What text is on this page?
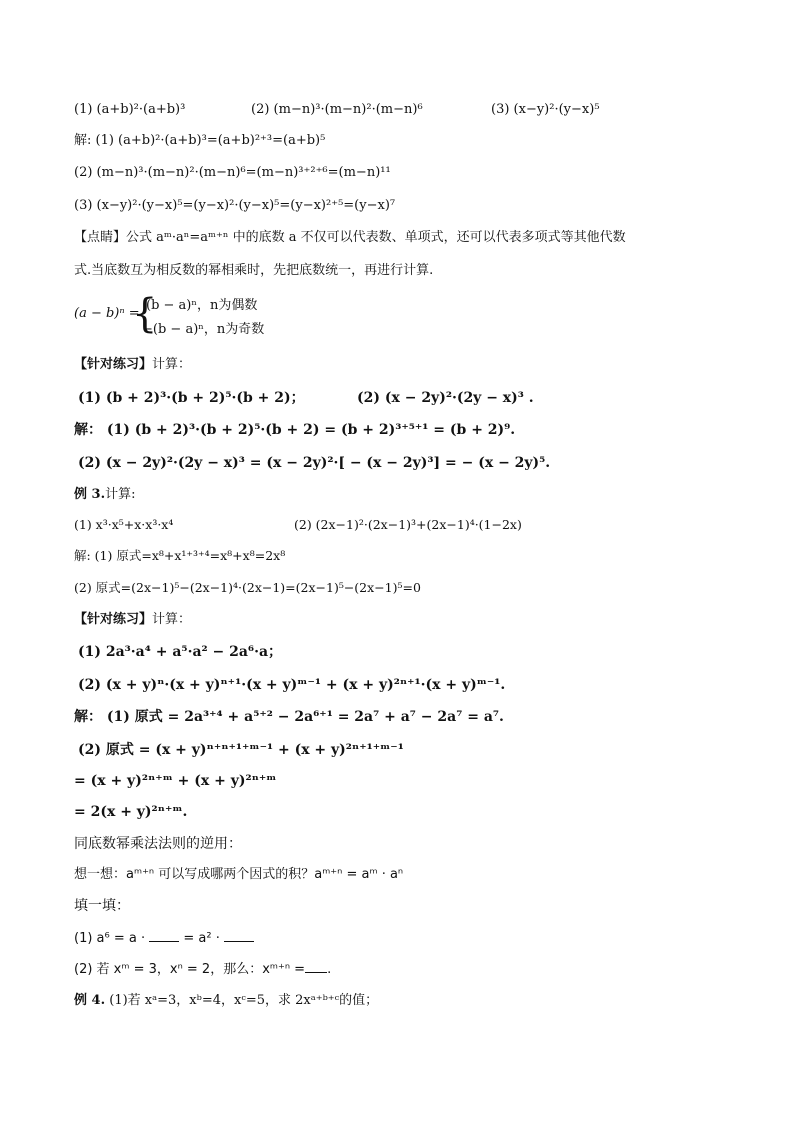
(1) (a+b)²·(a+b)³	(2) (m−n)³·(m−n)²·(m−n)⁶	(3) (x−y)²·(y−x)⁵
解: (1) (a+b)²·(a+b)³=(a+b)²⁺³=(a+b)⁵
(2) (m−n)³·(m−n)²·(m−n)⁶=(m−n)³⁺²⁺⁶=(m−n)¹¹
(3) (x−y)²·(y−x)⁵=(y−x)²·(y−x)⁵=(y−x)²⁺⁵=(y−x)⁷
【点睛】公式 aᵐ·aⁿ=aᵐ⁺ⁿ 中的底数 a 不仅可以代表数、单项式，还可以代表多项式等其他代数
式.当底数互为相反数的幂相乘时，先把底数统一，再进行计算.
(a − b)ⁿ =
{
(b − a)ⁿ，n为偶数
−(b − a)ⁿ，n为奇数
【针对练习】计算：
(1) (b + 2)³·(b + 2)⁵·(b + 2)；	(2) (x − 2y)²·(2y − x)³ .
解： (1) (b + 2)³·(b + 2)⁵·(b + 2) = (b + 2)³⁺⁵⁺¹ = (b + 2)⁹.
(2) (x − 2y)²·(2y − x)³ = (x − 2y)²·[ − (x − 2y)³] = − (x − 2y)⁵.
例 3.计算:
(1) x³·x⁵+x·x³·x⁴	(2) (2x−1)²·(2x−1)³+(2x−1)⁴·(1−2x)
解: (1) 原式=x⁸+x¹⁺³⁺⁴=x⁸+x⁸=2x⁸
(2) 原式=(2x−1)⁵−(2x−1)⁴·(2x−1)=(2x−1)⁵−(2x−1)⁵=0
【针对练习】计算：
(1) 2a³·a⁴ + a⁵·a² − 2a⁶·a；
(2) (x + y)ⁿ·(x + y)ⁿ⁺¹·(x + y)ᵐ⁻¹ + (x + y)²ⁿ⁺¹·(x + y)ᵐ⁻¹.
解： (1) 原式 = 2a³⁺⁴ + a⁵⁺² − 2a⁶⁺¹ = 2a⁷ + a⁷ − 2a⁷ = a⁷.
(2) 原式 = (x + y)ⁿ⁺ⁿ⁺¹⁺ᵐ⁻¹ + (x + y)²ⁿ⁺¹⁺ᵐ⁻¹
= (x + y)²ⁿ⁺ᵐ + (x + y)²ⁿ⁺ᵐ
= 2(x + y)²ⁿ⁺ᵐ.
同底数幂乘法法则的逆用：
想一想：aᵐ⁺ⁿ 可以写成哪两个因式的积？aᵐ⁺ⁿ = aᵐ · aⁿ
填一填：
(1) a⁶ = a ·	= a² ·
(2) 若 xᵐ = 3，xⁿ = 2，那么：xᵐ⁺ⁿ = .
例 4. (1)若 xᵃ=3，xᵇ=4，xᶜ=5，求 2xᵃ⁺ᵇ⁺ᶜ的值；
